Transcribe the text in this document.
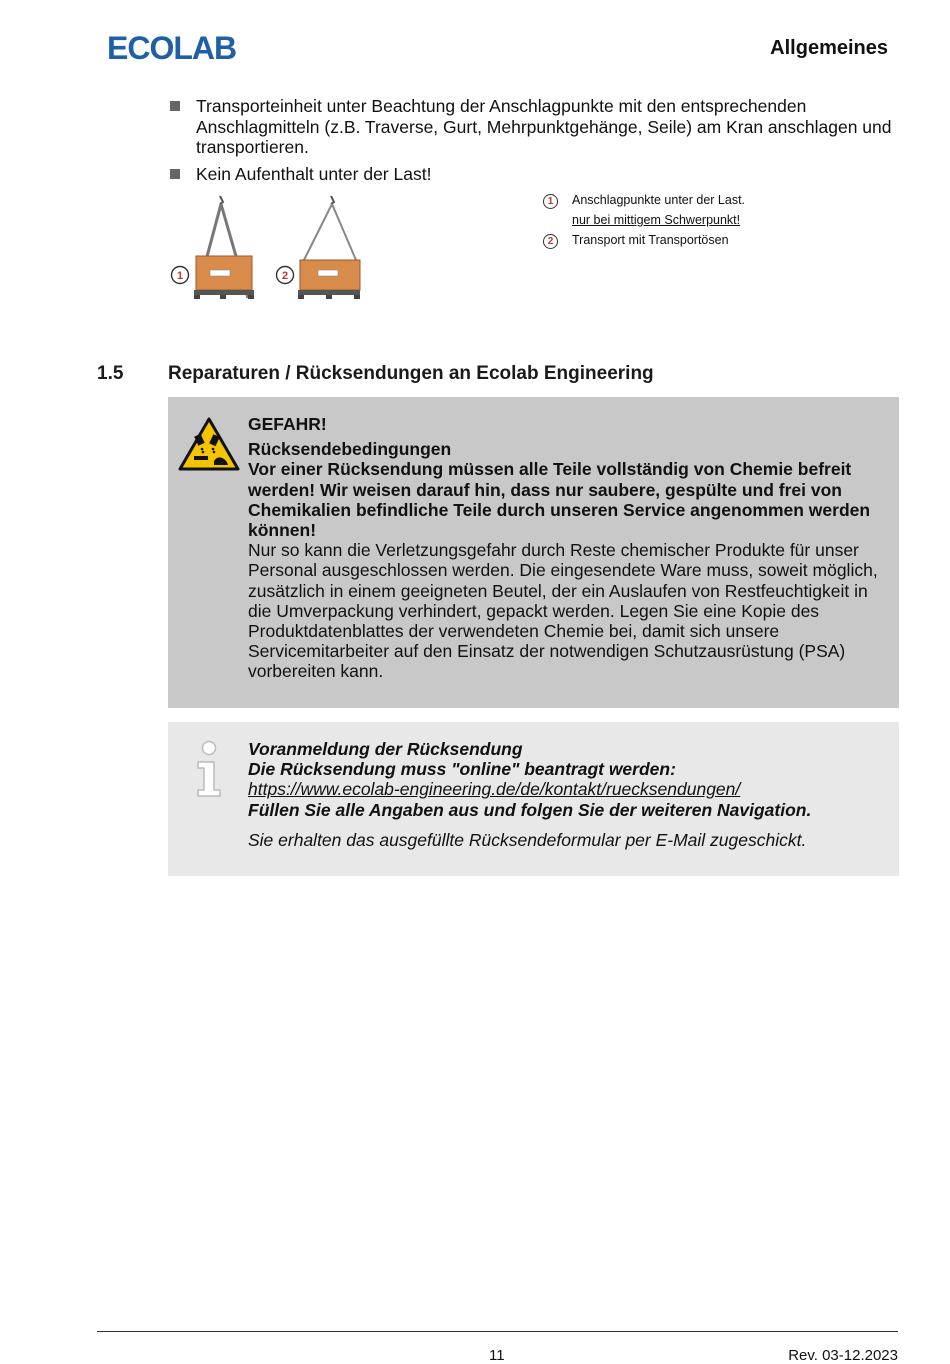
ECOLAB	Allgemeines
Transporteinheit unter Beachtung der Anschlagpunkte mit den entsprechenden Anschlagmitteln (z.B. Traverse, Gurt, Mehrpunktgehänge, Seile) am Kran anschlagen und transportieren.
Kein Aufenthalt unter der Last!
1	2
1	Anschlagpunkte unter der Last.
nur bei mittigem Schwerpunkt!
2	Transport mit Transportösen
1.5 Reparaturen / Rücksendungen an Ecolab Engineering
GEFAHR!
Rücksendebedingungen
Vor einer Rücksendung müssen alle Teile vollständig von Chemie befreit werden! Wir weisen darauf hin, dass nur saubere, gespülte und frei von Chemikalien befindliche Teile durch unseren Service angenommen werden können!
Nur so kann die Verletzungsgefahr durch Reste chemischer Produkte für unser Personal ausgeschlossen werden. Die eingesendete Ware muss, soweit möglich, zusätzlich in einem geeigneten Beutel, der ein Auslaufen von Restfeuchtigkeit in die Umverpackung verhindert, gepackt werden. Legen Sie eine Kopie des Produktdatenblattes der verwendeten Chemie bei, damit sich unsere Servicemitarbeiter auf den Einsatz der notwendigen Schutzausrüstung (PSA) vorbereiten kann.
Voranmeldung der Rücksendung
Die Rücksendung muss "online" beantragt werden:
https://www.ecolab-engineering.de/de/kontakt/ruecksendungen/
Füllen Sie alle Angaben aus und folgen Sie der weiteren Navigation.
Sie erhalten das ausgefüllte Rücksendeformular per E-Mail zugeschickt.
11	Rev. 03-12.2023
